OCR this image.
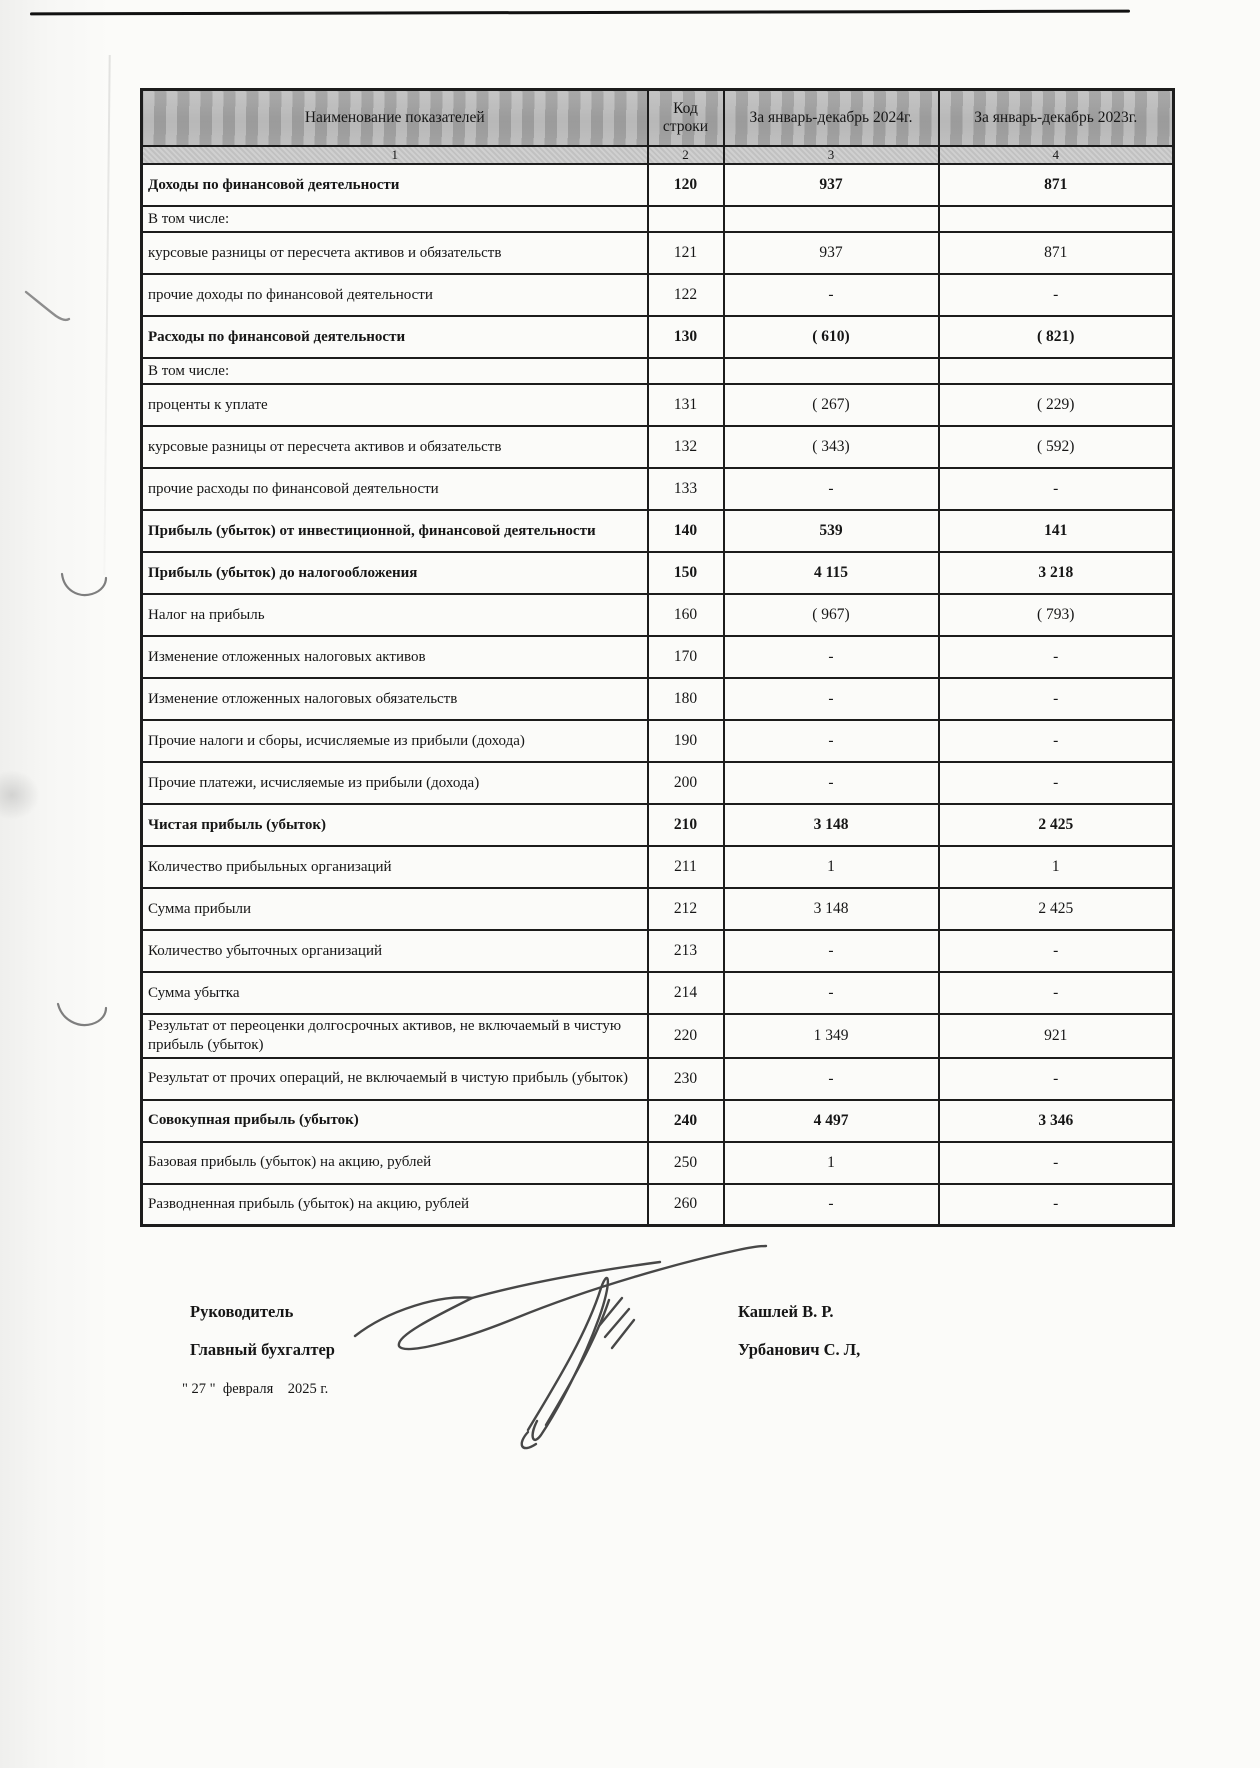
Наименование показателей	Код строки	За январь-декабрь 2024г.	За январь-декабрь 2023г.
1	2	3	4
Доходы по финансовой деятельности	120	937	871
В том числе:			
курсовые разницы от пересчета активов и обязательств	121	937	871
прочие доходы по финансовой деятельности	122	-	-
Расходы по финансовой деятельности	130	( 610)	( 821)
В том числе:			
проценты к уплате	131	( 267)	( 229)
курсовые разницы от пересчета активов и обязательств	132	( 343)	( 592)
прочие расходы по финансовой деятельности	133	-	-
Прибыль (убыток) от инвестиционной, финансовой деятельности	140	539	141
Прибыль (убыток) до налогообложения	150	4 115	3 218
Налог на прибыль	160	( 967)	( 793)
Изменение отложенных налоговых активов	170	-	-
Изменение отложенных налоговых обязательств	180	-	-
Прочие налоги и сборы, исчисляемые из прибыли (дохода)	190	-	-
Прочие платежи, исчисляемые из прибыли (дохода)	200	-	-
Чистая прибыль (убыток)	210	3 148	2 425
Количество прибыльных организаций	211	1	1
Сумма прибыли	212	3 148	2 425
Количество убыточных организаций	213	-	-
Сумма убытка	214	-	-
Результат от переоценки долгосрочных активов, не включаемый в чистую прибыль (убыток)	220	1 349	921
Результат от прочих операций, не включаемый в чистую прибыль (убыток)	230	-	-
Совокупная прибыль (убыток)	240	4 497	3 346
Базовая прибыль (убыток) на акцию, рублей	250	1	-
Разводненная прибыль (убыток) на акцию, рублей	260	-	-
Руководитель
Главный бухгалтер
" 27 "  февраля    2025 г.
Кашлей В. Р.
Урбанович С. Л,
